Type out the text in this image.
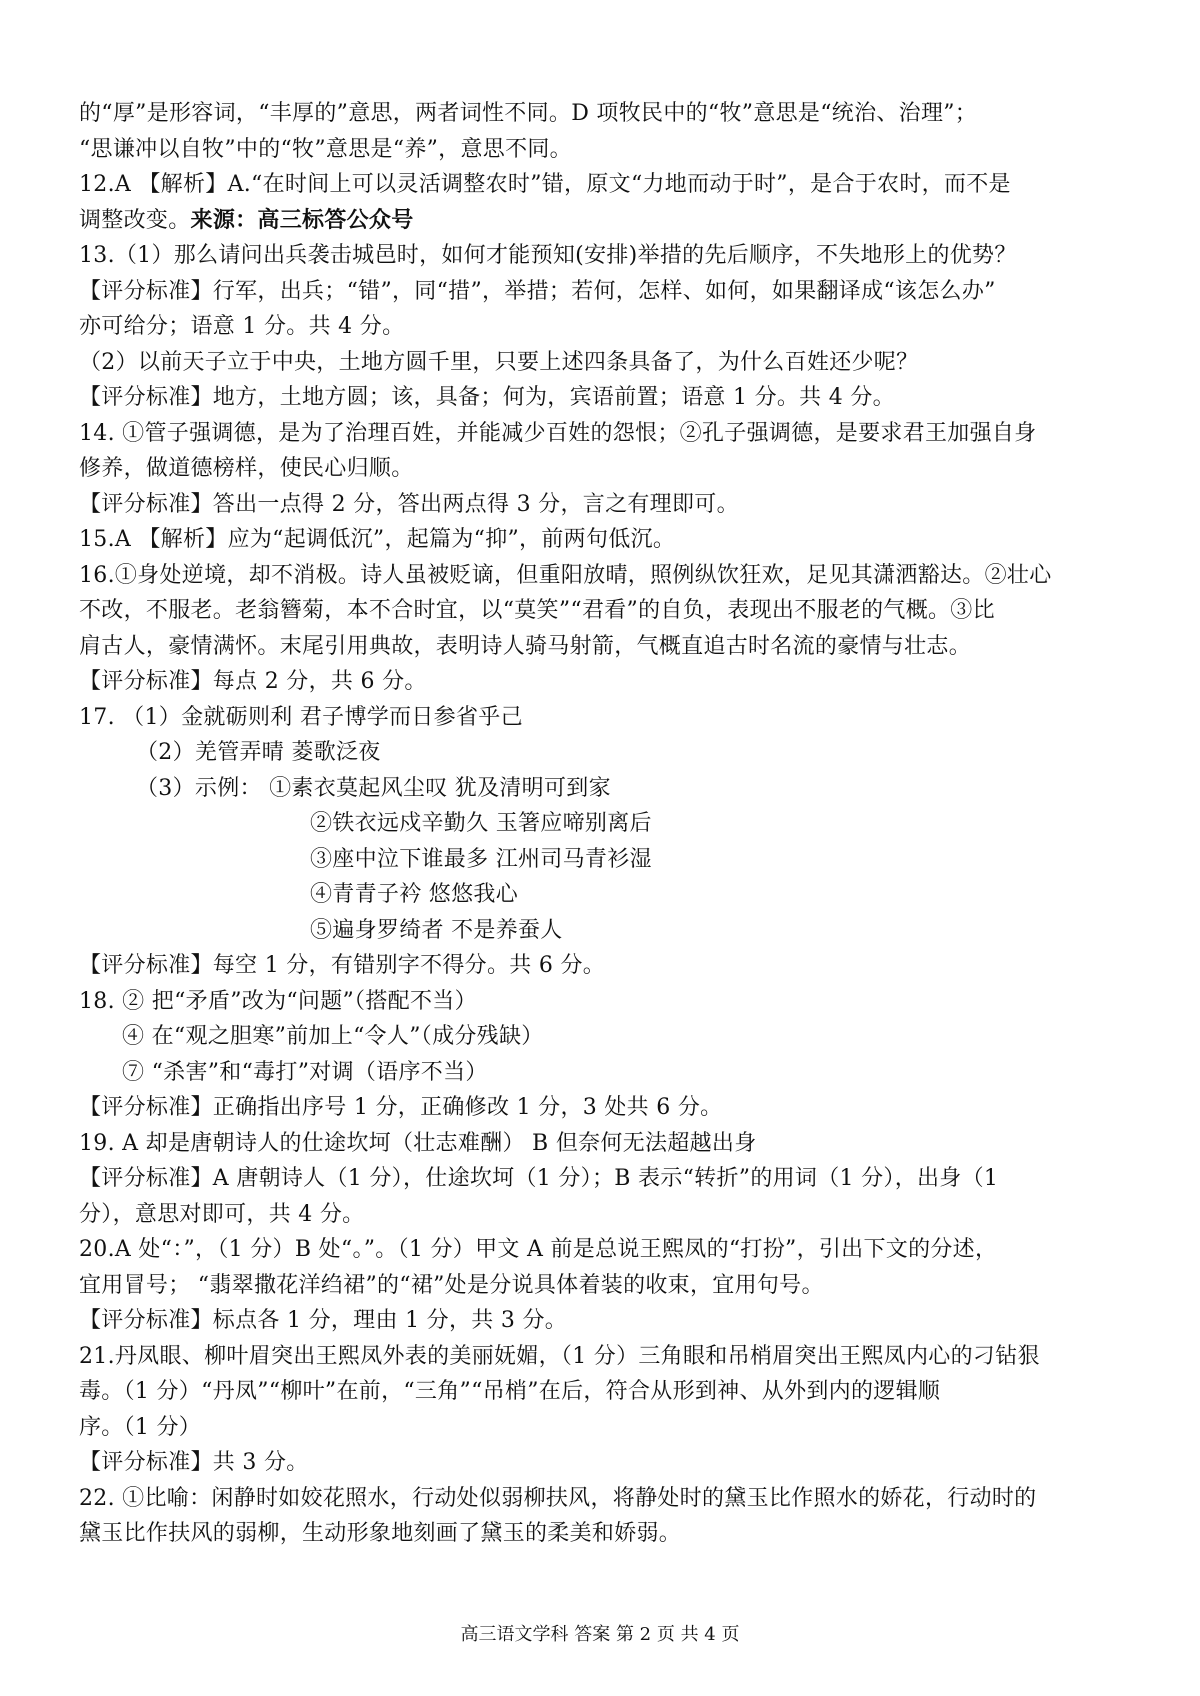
的“厚”是形容词，“丰厚的”意思，两者词性不同。D 项牧民中的“牧”意思是“统治、治理”；
“思谦冲以自牧”中的“牧”意思是“养”，意思不同。
12.A 【解析】A.“在时间上可以灵活调整农时”错，原文“力地而动于时”，是合于农时，而不是
调整改变。来源：高三标答公众号
13.（1）那么请问出兵袭击城邑时，如何才能预知(安排)举措的先后顺序，不失地形上的优势？
【评分标准】行军，出兵；“错”，同“措”，举措；若何，怎样、如何，如果翻译成“该怎么办”
亦可给分；语意 1 分。共 4 分。
（2）以前天子立于中央，土地方圆千里，只要上述四条具备了，为什么百姓还少呢？
【评分标准】地方，土地方圆；该，具备；何为，宾语前置；语意 1 分。共 4 分。
14. ①管子强调德，是为了治理百姓，并能减少百姓的怨恨；②孔子强调德，是要求君王加强自身
修养，做道德榜样，使民心归顺。
【评分标准】答出一点得 2 分，答出两点得 3 分，言之有理即可。
15.A 【解析】应为“起调低沉”，起篇为“抑”，前两句低沉。
16.①身处逆境，却不消极。诗人虽被贬谪，但重阳放晴，照例纵饮狂欢，足见其潇洒豁达。②壮心
不改，不服老。老翁簪菊，本不合时宜，以“莫笑”“君看”的自负，表现出不服老的气概。③比
肩古人，豪情满怀。末尾引用典故，表明诗人骑马射箭，气概直追古时名流的豪情与壮志。
【评分标准】每点 2 分，共 6 分。
17. （1）金就砺则利 君子博学而日参省乎己
（2）羌管弄晴 菱歌泛夜
（3）示例： ①素衣莫起风尘叹 犹及清明可到家
②铁衣远戍辛勤久 玉箸应啼别离后
③座中泣下谁最多 江州司马青衫湿
④青青子衿 悠悠我心
⑤遍身罗绮者 不是养蚕人
【评分标准】每空 1 分，有错别字不得分。共 6 分。
18. ② 把“矛盾”改为“问题”（搭配不当）
④ 在“观之胆寒”前加上“令人”（成分残缺）
⑦ “杀害”和“毒打”对调（语序不当）
【评分标准】正确指出序号 1 分，正确修改 1 分，3 处共 6 分。
19. A 却是唐朝诗人的仕途坎坷（壮志难酬） B 但奈何无法超越出身
【评分标准】A 唐朝诗人（1 分），仕途坎坷（1 分）；B 表示“转折”的用词（1 分），出身（1
分），意思对即可，共 4 分。
20.A 处“：”，（1 分）B 处“。”。（1 分）甲文 A 前是总说王熙凤的“打扮”，引出下文的分述，
宜用冒号； “翡翠撒花洋绉裙”的“裙”处是分说具体着装的收束，宜用句号。
【评分标准】标点各 1 分，理由 1 分，共 3 分。
21.丹凤眼、柳叶眉突出王熙凤外表的美丽妩媚，（1 分）三角眼和吊梢眉突出王熙凤内心的刁钻狠
毒。（1 分）“丹凤”“柳叶”在前，“三角”“吊梢”在后，符合从形到神、从外到内的逻辑顺
序。（1 分）
【评分标准】共 3 分。
22. ①比喻：闲静时如姣花照水，行动处似弱柳扶风，将静处时的黛玉比作照水的娇花，行动时的
黛玉比作扶风的弱柳，生动形象地刻画了黛玉的柔美和娇弱。
高三语文学科 答案 第 2 页 共 4 页
